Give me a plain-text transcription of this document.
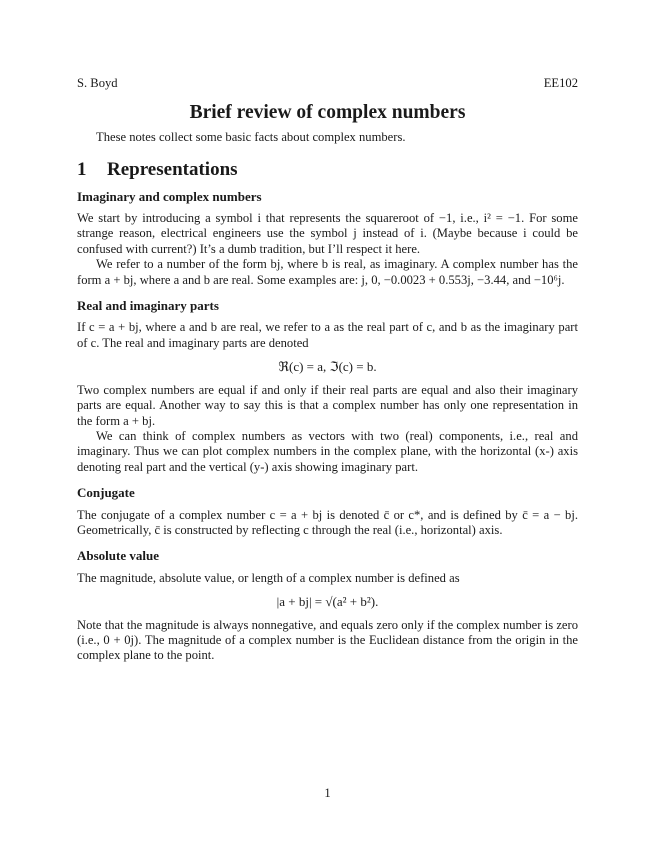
S. Boyd	EE102
Brief review of complex numbers
These notes collect some basic facts about complex numbers.
1 Representations
Imaginary and complex numbers

We start by introducing a symbol i that represents the squareroot of −1, i.e., i² = −1. For some strange reason, electrical engineers use the symbol j instead of i. (Maybe because i could be confused with current?) It’s a dumb tradition, but I’ll respect it here.

We refer to a number of the form bj, where b is real, as imaginary. A complex number has the form a + bj, where a and b are real. Some examples are: j, 0, −0.0023 + 0.553j, −3.44, and −10⁶j.

Real and imaginary parts

If c = a + bj, where a and b are real, we refer to a as the real part of c, and b as the imaginary part of c. The real and imaginary parts are denoted

ℜ(c) = a, ℑ(c) = b.

Two complex numbers are equal if and only if their real parts are equal and also their imaginary parts are equal. Another way to say this is that a complex number has only one representation in the form a + bj.

We can think of complex numbers as vectors with two (real) components, i.e., real and imaginary. Thus we can plot complex numbers in the complex plane, with the horizontal (x-) axis denoting real part and the vertical (y-) axis showing imaginary part.

Conjugate

The conjugate of a complex number c = a + bj is denoted c̄ or c*, and is defined by c̄ = a − bj. Geometrically, c̄ is constructed by reflecting c through the real (i.e., horizontal) axis.

Absolute value

The magnitude, absolute value, or length of a complex number is defined as

|a + bj| = √(a² + b²).

Note that the magnitude is always nonnegative, and equals zero only if the complex number is zero (i.e., 0 + 0j). The magnitude of a complex number is the Euclidean distance from the origin in the complex plane to the point.

1
